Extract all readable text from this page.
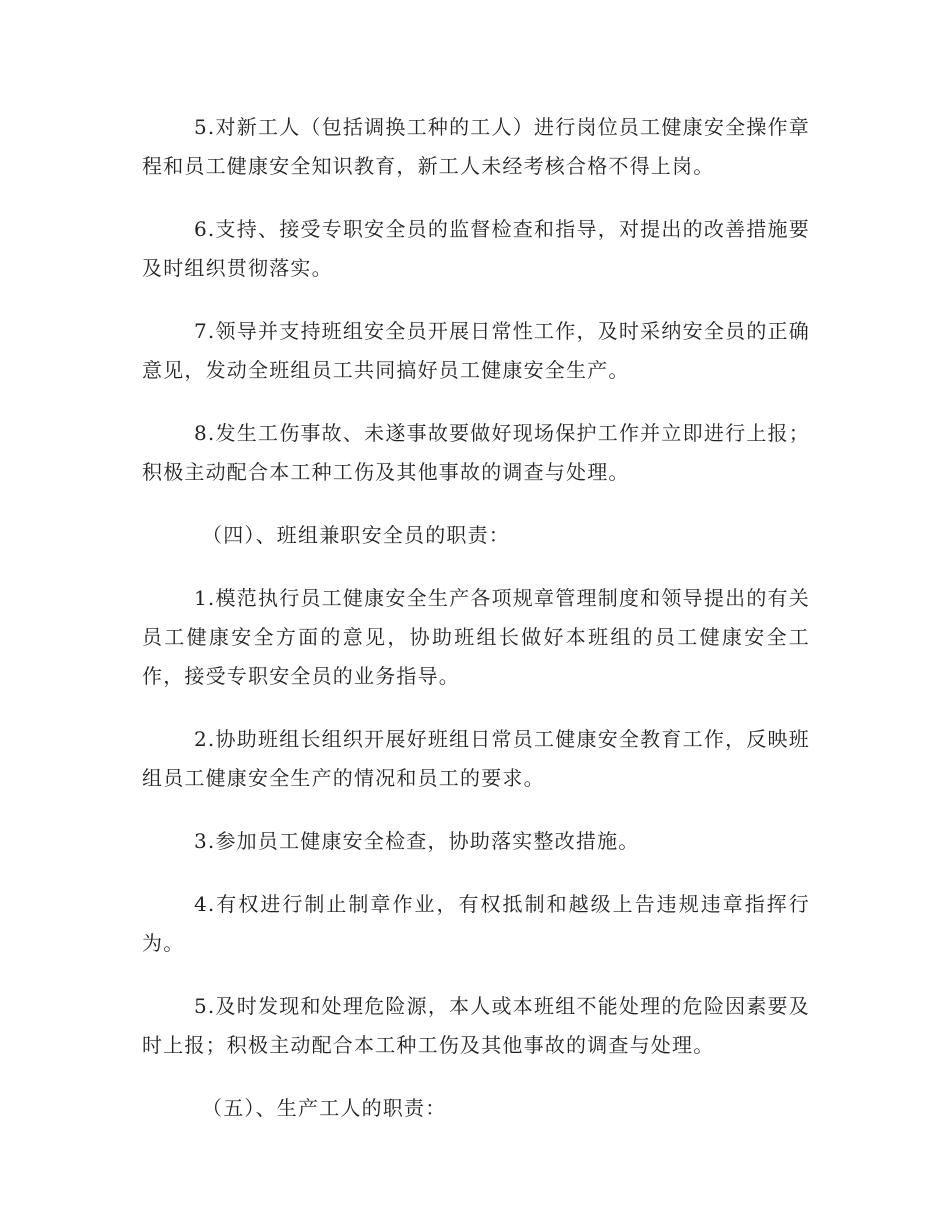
5.对新工人（包括调换工种的工人）进行岗位员工健康安全操作章程和员工健康安全知识教育，新工人未经考核合格不得上岗。

6.支持、接受专职安全员的监督检查和指导，对提出的改善措施要及时组织贯彻落实。

7.领导并支持班组安全员开展日常性工作，及时采纳安全员的正确意见，发动全班组员工共同搞好员工健康安全生产。

8.发生工伤事故、未遂事故要做好现场保护工作并立即进行上报；积极主动配合本工种工伤及其他事故的调查与处理。

（四）、班组兼职安全员的职责：

1.模范执行员工健康安全生产各项规章管理制度和领导提出的有关员工健康安全方面的意见，协助班组长做好本班组的员工健康安全工作，接受专职安全员的业务指导。

2.协助班组长组织开展好班组日常员工健康安全教育工作，反映班组员工健康安全生产的情况和员工的要求。

3.参加员工健康安全检查，协助落实整改措施。

4.有权进行制止制章作业，有权抵制和越级上告违规违章指挥行为。

5.及时发现和处理危险源，本人或本班组不能处理的危险因素要及时上报；积极主动配合本工种工伤及其他事故的调查与处理。

（五）、生产工人的职责：
